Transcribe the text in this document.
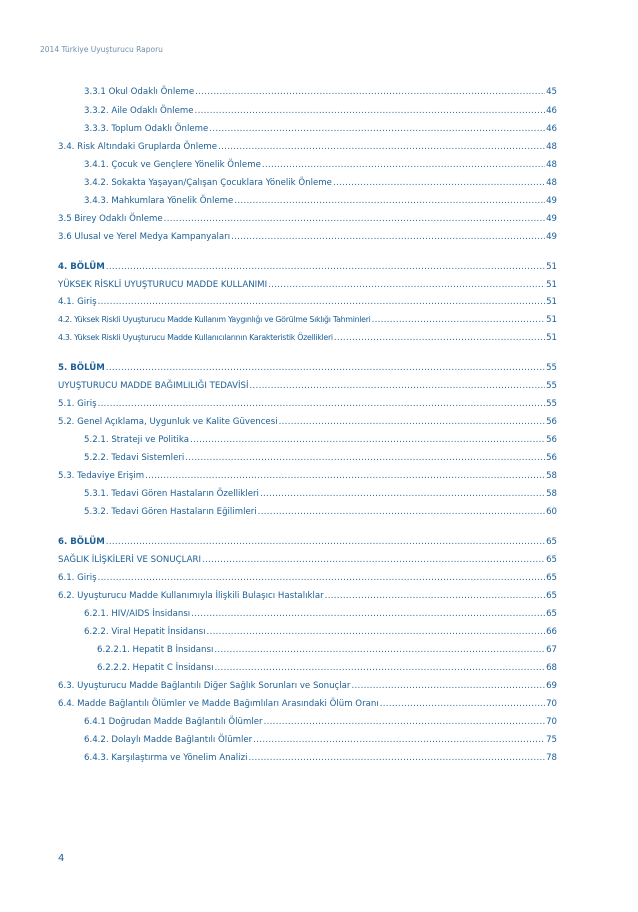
2014 Türkiye Uyuşturucu Raporu
3.3.1 Okul Odaklı Önleme .....	45
3.3.2. Aile Odaklı Önleme .....	46
3.3.3. Toplum Odaklı Önleme .....	46
3.4. Risk Altındaki Gruplarda Önleme .....	48
3.4.1. Çocuk ve Gençlere Yönelik Önleme .....	48
3.4.2. Sokakta Yaşayan/Çalışan Çocuklara Yönelik Önleme .....	48
3.4.3. Mahkumlara Yönelik Önleme .....	49
3.5 Birey Odaklı Önleme .....	49
3.6 Ulusal ve Yerel Medya Kampanyaları .....	49
4. BÖLÜM .....	51
YÜKSEK RİSKLİ UYUŞTURUCU MADDE KULLANIMI .....	51
4.1. Giriş .....	51
4.2. Yüksek Riskli Uyuşturucu Madde Kullanım Yaygınlığı ve Görülme Sıklığı Tahminleri .....	51
4.3. Yüksek Riskli Uyuşturucu Madde Kullanıcılarının Karakteristik Özellikleri .....	51
5. BÖLÜM .....	55
UYUŞTURUCU MADDE BAĞIMLILIĞI TEDAVİSİ .....	55
5.1. Giriş .....	55
5.2. Genel Açıklama, Uygunluk ve Kalite Güvencesi .....	56
5.2.1. Strateji ve Politika .....	56
5.2.2. Tedavi Sistemleri .....	56
5.3. Tedaviye Erişim .....	58
5.3.1. Tedavi Gören Hastaların Özellikleri .....	58
5.3.2. Tedavi Gören Hastaların Eğilimleri .....	60
6. BÖLÜM .....	65
SAĞLIK İLİŞKİLERİ VE SONUÇLARI .....	65
6.1. Giriş .....	65
6.2. Uyuşturucu Madde Kullanımıyla İlişkili Bulaşıcı Hastalıklar .....	65
6.2.1. HIV/AIDS İnsidansı .....	65
6.2.2. Viral Hepatit İnsidansı .....	66
6.2.2.1. Hepatit B İnsidansı .....	67
6.2.2.2. Hepatit C İnsidansı .....	68
6.3. Uyuşturucu Madde Bağlantılı Diğer Sağlık Sorunları ve Sonuçlar .....	69
6.4. Madde Bağlantılı Ölümler ve Madde Bağımlıları Arasındaki Ölüm Oranı .....	70
6.4.1 Doğrudan Madde Bağlantılı Ölümler .....	70
6.4.2. Dolaylı Madde Bağlantılı Ölümler .....	75
6.4.3. Karşılaştırma ve Yönelim Analizi .....	78
4
